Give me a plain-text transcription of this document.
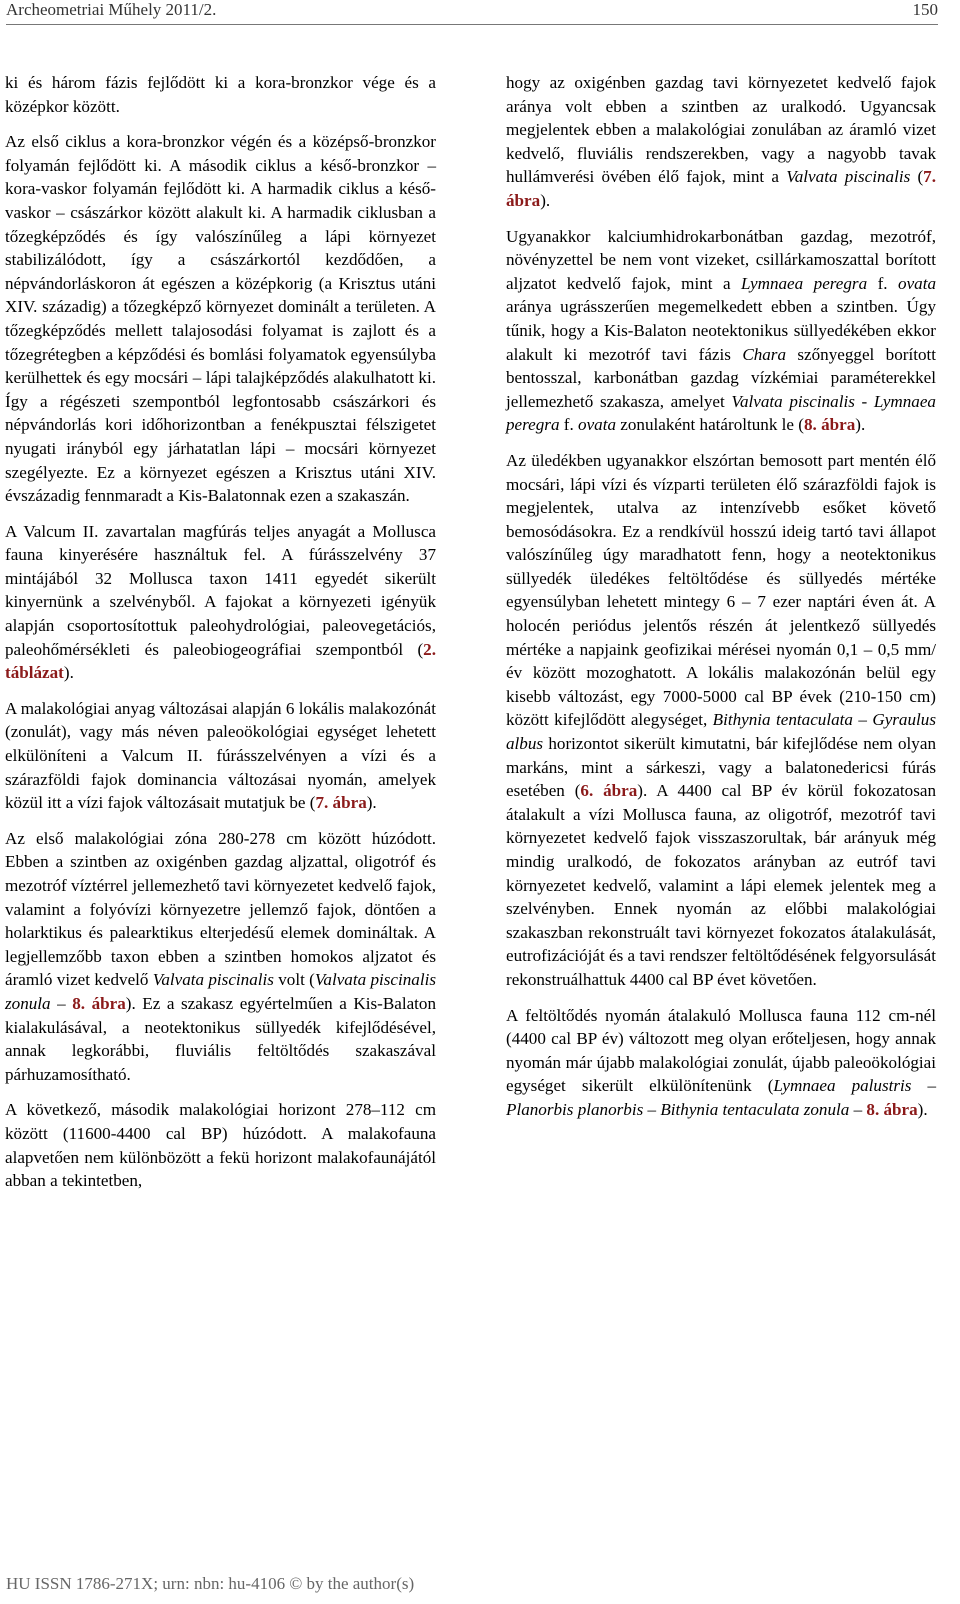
Archeometriai Műhely 2011/2.	150

ki és három fázis fejlődött ki a kora-bronzkor vége és a középkor között.

Az első ciklus a kora-bronzkor végén és a középső-bronzkor folyamán fejlődött ki. A második ciklus a késő-bronzkor – kora-vaskor folyamán fejlődött ki. A harmadik ciklus a késő-vaskor – császárkor között alakult ki. A harmadik ciklusban a tőzegképződés és így valószínűleg a lápi környezet stabilizálódott, így a császárkortól kezdődően, a népvándorláskoron át egészen a középkorig (a Krisztus utáni XIV. századig) a tőzegképző környezet dominált a területen. A tőzegképződés mellett talajosodási folyamat is zajlott és a tőzegrétegben a képződési és bomlási folyamatok egyensúlyba kerülhettek és egy mocsári – lápi talajképződés alakulhatott ki. Így a régészeti szempontból legfontosabb császárkori és népvándorlás kori időhorizontban a fenékpusztai félszigetet nyugati irányból egy járhatatlan lápi – mocsári környezet szegélyezte. Ez a környezet egészen a Krisztus utáni XIV. évszázadig fennmaradt a Kis-Balatonnak ezen a szakaszán.

A Valcum II. zavartalan magfúrás teljes anyagát a Mollusca fauna kinyerésére használtuk fel. A fúrásszelvény 37 mintájából 32 Mollusca taxon 1411 egyedét sikerült kinyernünk a szelvényből. A fajokat a környezeti igényük alapján csoportosítottuk paleohydrológiai, paleovegetációs, paleohőmérsékleti és paleobiogeográfiai szempontból (2. táblázat).

A malakológiai anyag változásai alapján 6 lokális malakozónát (zonulát), vagy más néven paleoökológiai egységet lehetett elkülöníteni a Valcum II. fúrásszelvényen a vízi és a szárazföldi fajok dominancia változásai nyomán, amelyek közül itt a vízi fajok változásait mutatjuk be (7. ábra).

Az első malakológiai zóna 280-278 cm között húzódott. Ebben a szintben az oxigénben gazdag aljzattal, oligotróf és mezotróf víztérrel jellemezhető tavi környezetet kedvelő fajok, valamint a folyóvízi környezetre jellemző fajok, döntően a holarktikus és palearktikus elterjedésű elemek domináltak. A legjellemzőbb taxon ebben a szintben homokos aljzatot és áramló vizet kedvelő Valvata piscinalis volt (Valvata piscinalis zonula – 8. ábra). Ez a szakasz egyértelműen a Kis-Balaton kialakulásával, a neotektonikus süllyedék kifejlődésével, annak legkorábbi, fluviális feltöltődés szakaszával párhuzamosítható.

A következő, második malakológiai horizont 278–112 cm között (11600-4400 cal BP) húzódott. A malakofauna alapvetően nem különbözött a fekü horizont malakofaunájától abban a tekintetben,

hogy az oxigénben gazdag tavi környezetet kedvelő fajok aránya volt ebben a szintben az uralkodó. Ugyancsak megjelentek ebben a malakológiai zonulában az áramló vizet kedvelő, fluviális rendszerekben, vagy a nagyobb tavak hullámverési övében élő fajok, mint a Valvata piscinalis (7. ábra).

Ugyanakkor kalciumhidrokarbonátban gazdag, mezotróf, növényzettel be nem vont vizeket, csillárkamoszattal borított aljzatot kedvelő fajok, mint a Lymnaea peregra f. ovata aránya ugrásszerűen megemelkedett ebben a szintben. Úgy tűnik, hogy a Kis-Balaton neotektonikus süllyedékében ekkor alakult ki mezotróf tavi fázis Chara szőnyeggel borított bentosszal, karbonátban gazdag vízkémiai paraméterekkel jellemezhető szakasza, amelyet Valvata piscinalis - Lymnaea peregra f. ovata zonulaként határoltunk le (8. ábra).

Az üledékben ugyanakkor elszórtan bemosott part mentén élő mocsári, lápi vízi és vízparti területen élő szárazföldi fajok is megjelentek, utalva az intenzívebb esőket követő bemosódásokra. Ez a rendkívül hosszú ideig tartó tavi állapot valószínűleg úgy maradhatott fenn, hogy a neotektonikus süllyedék üledékes feltöltődése és süllyedés mértéke egyensúlyban lehetett mintegy 6 – 7 ezer naptári éven át. A holocén periódus jelentős részén át jelentkező süllyedés mértéke a napjaink geofizikai mérései nyomán 0,1 – 0,5 mm/ év között mozoghatott. A lokális malakozónán belül egy kisebb változást, egy 7000-5000 cal BP évek (210-150 cm) között kifejlődött alegységet, Bithynia tentaculata – Gyraulus albus horizontot sikerült kimutatni, bár kifejlődése nem olyan markáns, mint a sárkeszi, vagy a balatonedericsi fúrás esetében (6. ábra). A 4400 cal BP év körül fokozatosan átalakult a vízi Mollusca fauna, az oligotróf, mezotróf tavi környezetet kedvelő fajok visszaszorultak, bár arányuk még mindig uralkodó, de fokozatos arányban az eutróf tavi környezetet kedvelő, valamint a lápi elemek jelentek meg a szelvényben. Ennek nyomán az előbbi malakológiai szakaszban rekonstruált tavi környezet fokozatos átalakulását, eutrofizációját és a tavi rendszer feltöltődésének felgyorsulását rekonstruálhattuk 4400 cal BP évet követően.

A feltöltődés nyomán átalakuló Mollusca fauna 112 cm-nél (4400 cal BP év) változott meg olyan erőteljesen, hogy annak nyomán már újabb malakológiai zonulát, újabb paleoökológiai egységet sikerült elkülönítenünk (Lymnaea palustris – Planorbis planorbis – Bithynia tentaculata zonula – 8. ábra).

HU ISSN 1786-271X; urn: nbn: hu-4106 © by the author(s)
